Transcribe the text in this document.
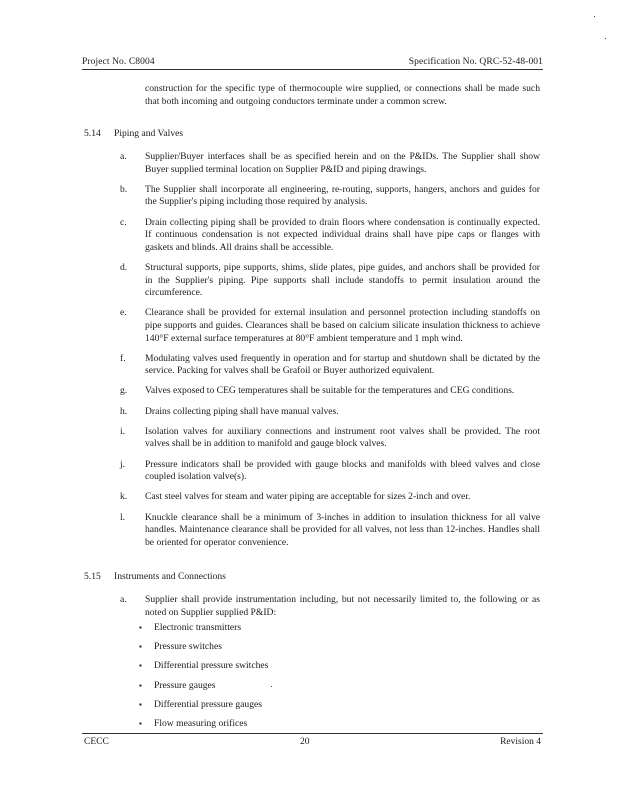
Project No. C8004	Specification No. QRC-52-48-001
construction for the specific type of thermocouple wire supplied, or connections shall be made such that both incoming and outgoing conductors terminate under a common screw.
5.14 Piping and Valves
a.	Supplier/Buyer interfaces shall be as specified herein and on the P&IDs. The Supplier shall show Buyer supplied terminal location on Supplier P&ID and piping drawings.
b.	The Supplier shall incorporate all engineering, re-routing, supports, hangers, anchors and guides for the Supplier's piping including those required by analysis.
c.	Drain collecting piping shall be provided to drain floors where condensation is continually expected. If continuous condensation is not expected individual drains shall have pipe caps or flanges with gaskets and blinds. All drains shall be accessible.
d.	Structural supports, pipe supports, shims, slide plates, pipe guides, and anchors shall be provided for in the Supplier's piping. Pipe supports shall include standoffs to permit insulation around the circumference.
e.	Clearance shall be provided for external insulation and personnel protection including standoffs on pipe supports and guides. Clearances shall be based on calcium silicate insulation thickness to achieve 140°F external surface temperatures at 80°F ambient temperature and 1 mph wind.
f.	Modulating valves used frequently in operation and for startup and shutdown shall be dictated by the service. Packing for valves shall be Grafoil or Buyer authorized equivalent.
g.	Valves exposed to CEG temperatures shall be suitable for the temperatures and CEG conditions.
h.	Drains collecting piping shall have manual valves.
i.	Isolation valves for auxiliary connections and instrument root valves shall be provided. The root valves shall be in addition to manifold and gauge block valves.
j.	Pressure indicators shall be provided with gauge blocks and manifolds with bleed valves and close coupled isolation valve(s).
k.	Cast steel valves for steam and water piping are acceptable for sizes 2-inch and over.
l.	Knuckle clearance shall be a minimum of 3-inches in addition to insulation thickness for all valve handles. Maintenance clearance shall be provided for all valves, not less than 12-inches. Handles shall be oriented for operator convenience.
5.15 Instruments and Connections
a.	Supplier shall provide instrumentation including, but not necessarily limited to, the following or as noted on Supplier supplied P&ID:
▪	Electronic transmitters
▪	Pressure switches
▪	Differential pressure switches
▪	Pressure gauges
▪	Differential pressure gauges
▪	Flow measuring orifices
CECC	20	Revision 4
